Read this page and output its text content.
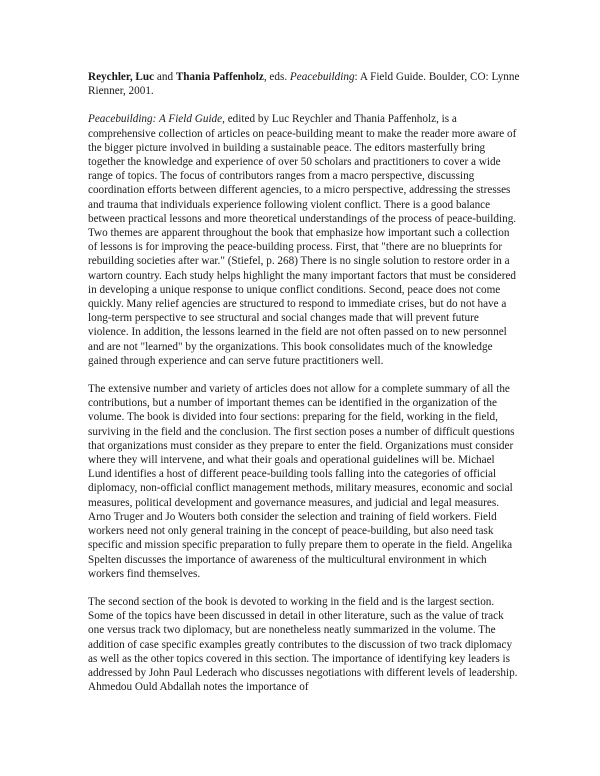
Reychler, Luc and Thania Paffenholz, eds. Peacebuilding: A Field Guide. Boulder, CO: Lynne Rienner, 2001.

Peacebuilding: A Field Guide, edited by Luc Reychler and Thania Paffenholz, is a comprehensive collection of articles on peace-building meant to make the reader more aware of the bigger picture involved in building a sustainable peace. The editors masterfully bring together the knowledge and experience of over 50 scholars and practitioners to cover a wide range of topics. The focus of contributors ranges from a macro perspective, discussing coordination efforts between different agencies, to a micro perspective, addressing the stresses and trauma that individuals experience following violent conflict. There is a good balance between practical lessons and more theoretical understandings of the process of peace-building. Two themes are apparent throughout the book that emphasize how important such a collection of lessons is for improving the peace-building process. First, that "there are no blueprints for rebuilding societies after war." (Stiefel, p. 268) There is no single solution to restore order in a wartorn country. Each study helps highlight the many important factors that must be considered in developing a unique response to unique conflict conditions. Second, peace does not come quickly. Many relief agencies are structured to respond to immediate crises, but do not have a long-term perspective to see structural and social changes made that will prevent future violence. In addition, the lessons learned in the field are not often passed on to new personnel and are not "learned" by the organizations. This book consolidates much of the knowledge gained through experience and can serve future practitioners well.

The extensive number and variety of articles does not allow for a complete summary of all the contributions, but a number of important themes can be identified in the organization of the volume. The book is divided into four sections: preparing for the field, working in the field, surviving in the field and the conclusion. The first section poses a number of difficult questions that organizations must consider as they prepare to enter the field. Organizations must consider where they will intervene, and what their goals and operational guidelines will be. Michael Lund identifies a host of different peace-building tools falling into the categories of official diplomacy, non-official conflict management methods, military measures, economic and social measures, political development and governance measures, and judicial and legal measures. Arno Truger and Jo Wouters both consider the selection and training of field workers. Field workers need not only general training in the concept of peace-building, but also need task specific and mission specific preparation to fully prepare them to operate in the field. Angelika Spelten discusses the importance of awareness of the multicultural environment in which workers find themselves.

The second section of the book is devoted to working in the field and is the largest section. Some of the topics have been discussed in detail in other literature, such as the value of track one versus track two diplomacy, but are nonetheless neatly summarized in the volume. The addition of case specific examples greatly contributes to the discussion of two track diplomacy as well as the other topics covered in this section. The importance of identifying key leaders is addressed by John Paul Lederach who discusses negotiations with different levels of leadership. Ahmedou Ould Abdallah notes the importance of
